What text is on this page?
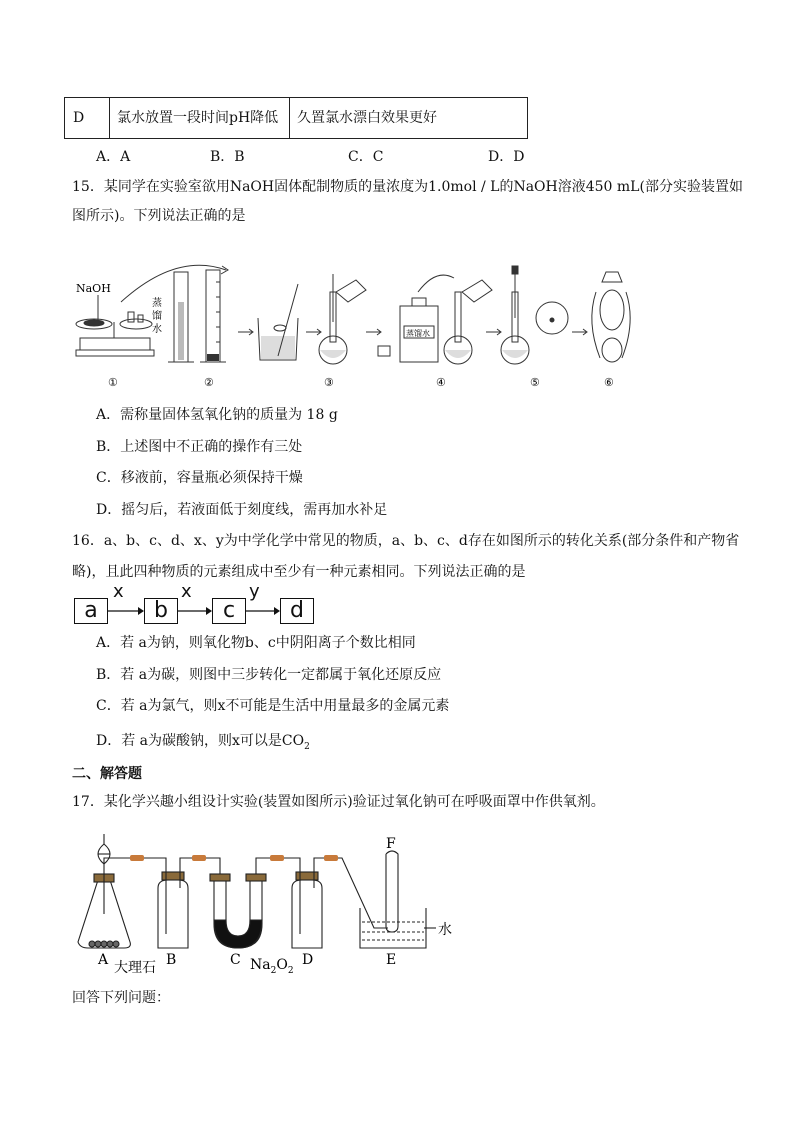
D 氯水放置一段时间pH降低 久置氯水漂白效果更好
A．A	B．B	C．C	D．D
15．某同学在实验室欲用NaOH固体配制物质的量浓度为1.0mol / L的NaOH溶液450 mL(部分实验装置如
图所示)。下列说法正确的是
NaOH
蒸
馏
水	蒸馏水
①	②	③	④	⑤	⑥
A．需称量固体氢氧化钠的质量为 18 g
B．上述图中不正确的操作有三处
C．移液前，容量瓶必须保持干燥
D．摇匀后，若液面低于刻度线，需再加水补足
16．a、b、c、d、x、y为中学化学中常见的物质，a、b、c、d存在如图所示的转化关系(部分条件和产物省
略)，且此四种物质的元素组成中至少有一种元素相同。下列说法正确的是
a	b	c	d
x	x	y
A．若 a为钠，则氧化物b、c中阴阳离子个数比相同
B．若 a为碳，则图中三步转化一定都属于氧化还原反应
C．若 a为氯气，则x不可能是生活中用量最多的金属元素
D．若 a为碳酸钠，则x可以是$CO_2$
二、解答题
17．某化学兴趣小组设计实验(装置如图所示)验证过氧化钠可在呼吸面罩中作供氧剂。
A 大理石 B	C $Na_2O_2$
D	E
F
水
回答下列问题：
